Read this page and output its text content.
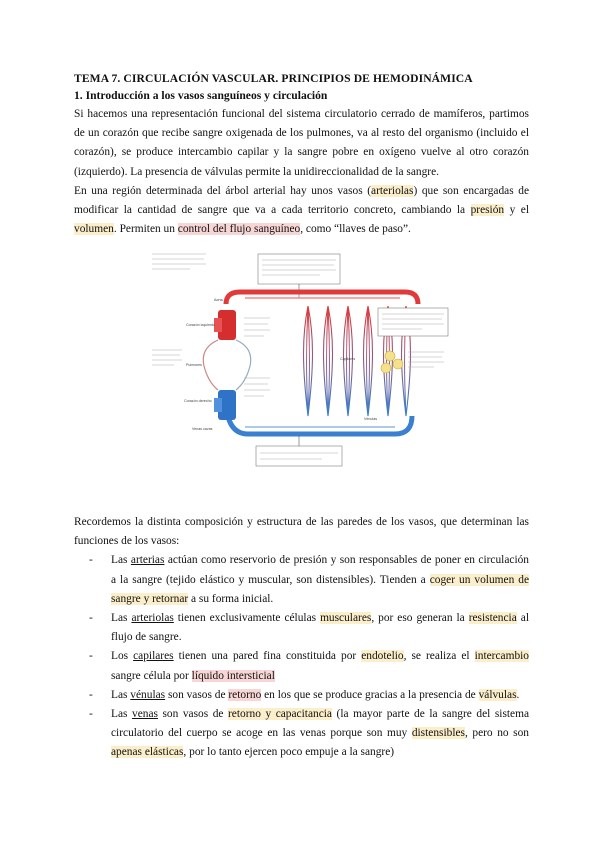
TEMA 7. CIRCULACIÓN VASCULAR. PRINCIPIOS DE HEMODINÁMICA
1. Introducción a los vasos sanguíneos y circulación

Si hacemos una representación funcional del sistema circulatorio cerrado de mamíferos, partimos de un corazón que recibe sangre oxigenada de los pulmones, va al resto del organismo (incluido el corazón), se produce intercambio capilar y la sangre pobre en oxígeno vuelve al otro corazón (izquierdo). La presencia de válvulas permite la unidireccionalidad de la sangre.

En una región determinada del árbol arterial hay unos vasos (arteriolas) que son encargadas de modificar la cantidad de sangre que va a cada territorio concreto, cambiando la presión y el volumen. Permiten un control del flujo sanguíneo, como “llaves de paso”.

Aorta
Corazón izquierdo
Pulmones
Corazón derecho
Venas cavas
Capilares
Vénulas

Recordemos la distinta composición y estructura de las paredes de los vasos, que determinan las funciones de los vasos:

- Las arterias actúan como reservorio de presión y son responsables de poner en circulación a la sangre (tejido elástico y muscular, son distensibles). Tienden a coger un volumen de sangre y retornar a su forma inicial.
- Las arteriolas tienen exclusivamente células musculares, por eso generan la resistencia al flujo de sangre.
- Los capilares tienen una pared fina constituida por endotelio, se realiza el intercambio sangre célula por líquido intersticial
- Las vénulas son vasos de retorno en los que se produce gracias a la presencia de válvulas.
- Las venas son vasos de retorno y capacitancia (la mayor parte de la sangre del sistema circulatorio del cuerpo se acoge en las venas porque son muy distensibles, pero no son apenas elásticas, por lo tanto ejercen poco empuje a la sangre)
